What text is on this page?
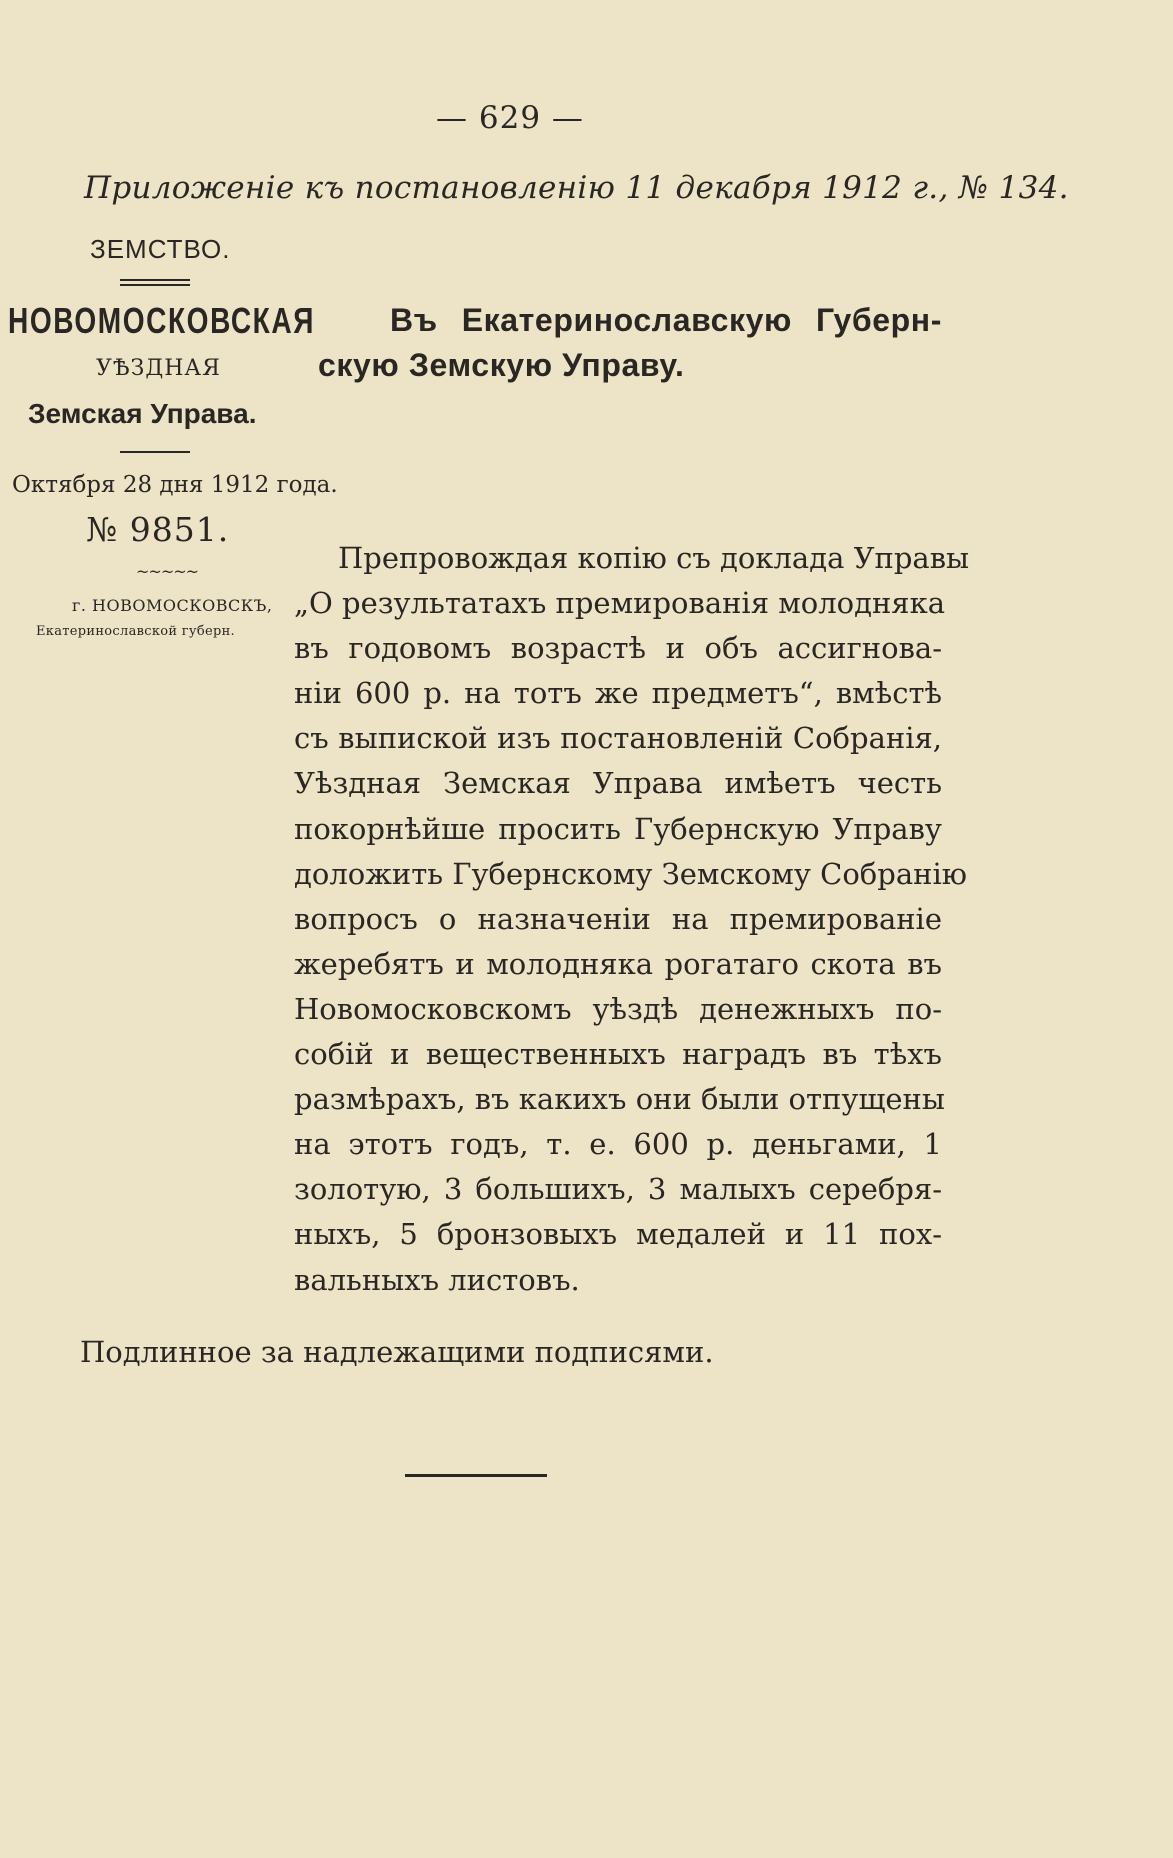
— 629 —
Приложеніе къ постановленію 11 декабря 1912 г., № 134.
ЗЕМСТВО.
НОВОМОСКОВСКАЯ
УѢЗДНАЯ
Земская Управа.
Октября 28 дня 1912 года.
№ 9851.
~~~~~
г. НОВОМОСКОВСКЪ,
Екатеринославской губерн.
Въ Екатеринославскую Губерн-
скую Земскую Управу.
Препровождая копію съ доклада Управы
„О результатахъ премированія молодняка
въ годовомъ возрастѣ и объ ассигнова-
ніи 600 р. на тотъ же предметъ“, вмѣстѣ
съ выпиской изъ постановленій Собранія,
Уѣздная Земская Управа имѣетъ честь
покорнѣйше просить Губернскую Управу
доложить Губернскому Земскому Собранію
вопросъ о назначеніи на премированіе
жеребятъ и молодняка рогатаго скота въ
Новомосковскомъ уѣздѣ денежныхъ по-
собій и вещественныхъ наградъ въ тѣхъ
размѣрахъ, въ какихъ они были отпущены
на этотъ годъ, т. е. 600 р. деньгами, 1
золотую, 3 большихъ, 3 малыхъ серебря-
ныхъ, 5 бронзовыхъ медалей и 11 пох-
вальныхъ листовъ.
Подлинное за надлежащими подписями.
